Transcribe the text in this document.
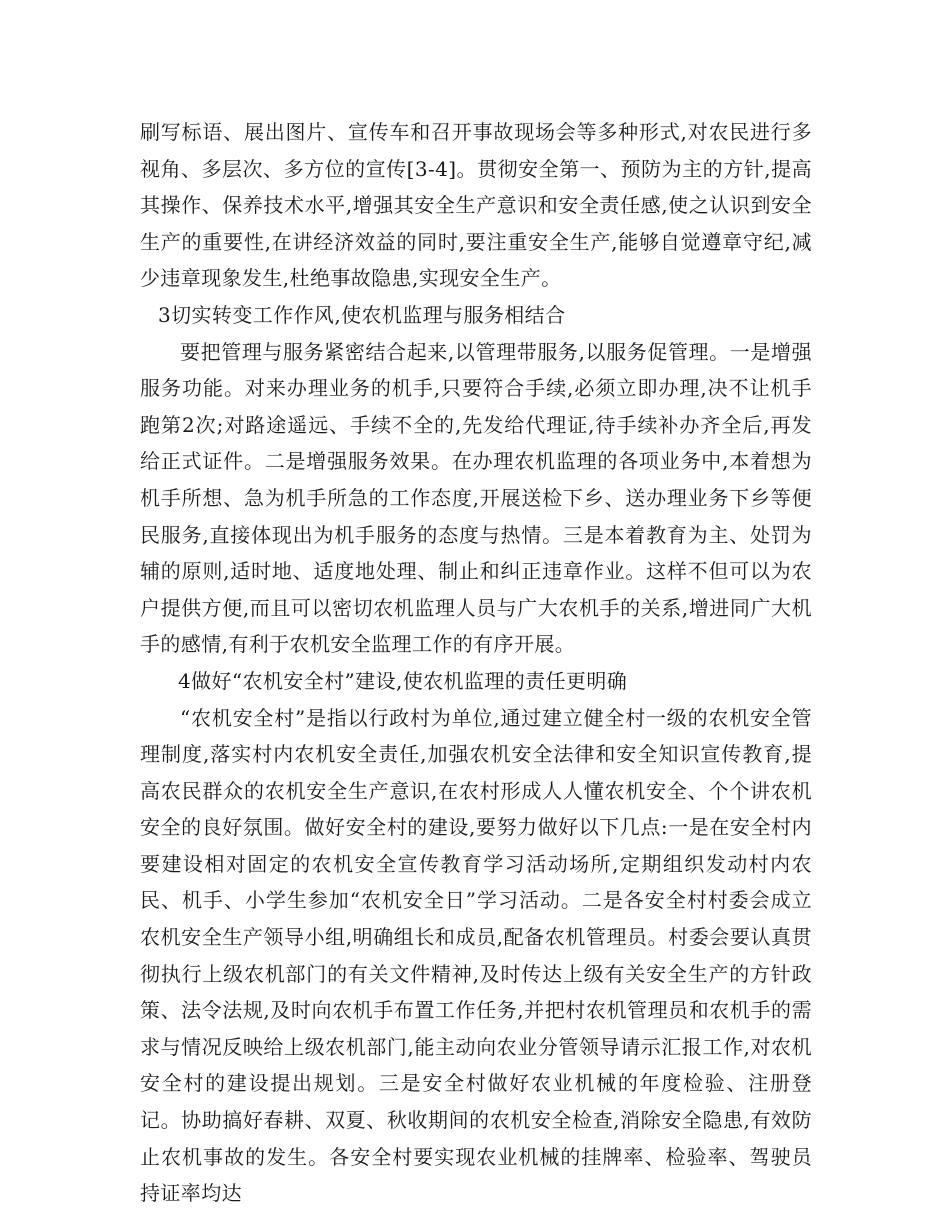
刷写标语、展出图片、宣传车和召开事故现场会等多种形式,对农民进行多视角、多层次、多方位的宣传[3-4]。贯彻安全第一、预防为主的方针,提高其操作、保养技术水平,增强其安全生产意识和安全责任感,使之认识到安全生产的重要性,在讲经济效益的同时,要注重安全生产,能够自觉遵章守纪,减少违章现象发生,杜绝事故隐患,实现安全生产。

3切实转变工作作风,使农机监理与服务相结合

要把管理与服务紧密结合起来,以管理带服务,以服务促管理。一是增强服务功能。对来办理业务的机手,只要符合手续,必须立即办理,决不让机手跑第2次;对路途遥远、手续不全的,先发给代理证,待手续补办齐全后,再发给正式证件。二是增强服务效果。在办理农机监理的各项业务中,本着想为机手所想、急为机手所急的工作态度,开展送检下乡、送办理业务下乡等便民服务,直接体现出为机手服务的态度与热情。三是本着教育为主、处罚为辅的原则,适时地、适度地处理、制止和纠正违章作业。这样不但可以为农户提供方便,而且可以密切农机监理人员与广大农机手的关系,增进同广大机手的感情,有利于农机安全监理工作的有序开展。

4做好“农机安全村”建设,使农机监理的责任更明确

“农机安全村”是指以行政村为单位,通过建立健全村一级的农机安全管理制度,落实村内农机安全责任,加强农机安全法律和安全知识宣传教育,提高农民群众的农机安全生产意识,在农村形成人人懂农机安全、个个讲农机安全的良好氛围。做好安全村的建设,要努力做好以下几点:一是在安全村内要建设相对固定的农机安全宣传教育学习活动场所,定期组织发动村内农民、机手、小学生参加“农机安全日”学习活动。二是各安全村村委会成立农机安全生产领导小组,明确组长和成员,配备农机管理员。村委会要认真贯彻执行上级农机部门的有关文件精神,及时传达上级有关安全生产的方针政策、法令法规,及时向农机手布置工作任务,并把村农机管理员和农机手的需求与情况反映给上级农机部门,能主动向农业分管领导请示汇报工作,对农机安全村的建设提出规划。三是安全村做好农业机械的年度检验、注册登记。协助搞好春耕、双夏、秋收期间的农机安全检查,消除安全隐患,有效防止农机事故的发生。各安全村要实现农业机械的挂牌率、检验率、驾驶员持证率均达
